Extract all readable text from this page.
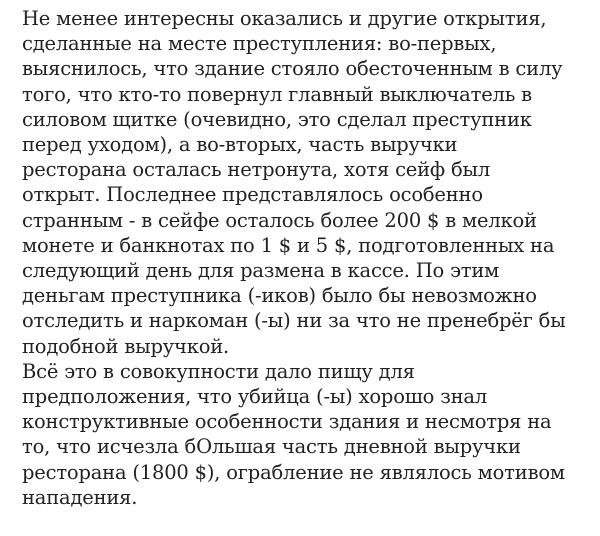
Не менее интересны оказались и другие открытия,
сделанные на месте преступления: во-первых,
выяснилось, что здание стояло обесточенным в силу
того, что кто-то повернул главный выключатель в
силовом щитке (очевидно, это сделал преступник
перед уходом), а во-вторых, часть выручки
ресторана осталась нетронута, хотя сейф был
открыт. Последнее представлялось особенно
странным - в сейфе осталось более 200 $ в мелкой
монете и банкнотах по 1 $ и 5 $, подготовленных на
следующий день для размена в кассе. По этим
деньгам преступника (-иков) было бы невозможно
отследить и наркоман (-ы) ни за что не пренебрёг бы
подобной выручкой.
Всё это в совокупности дало пищу для
предположения, что убийца (-ы) хорошо знал
конструктивные особенности здания и несмотря на
то, что исчезла бОльшая часть дневной выручки
ресторана (1800 $), ограбление не являлось мотивом
нападения.
